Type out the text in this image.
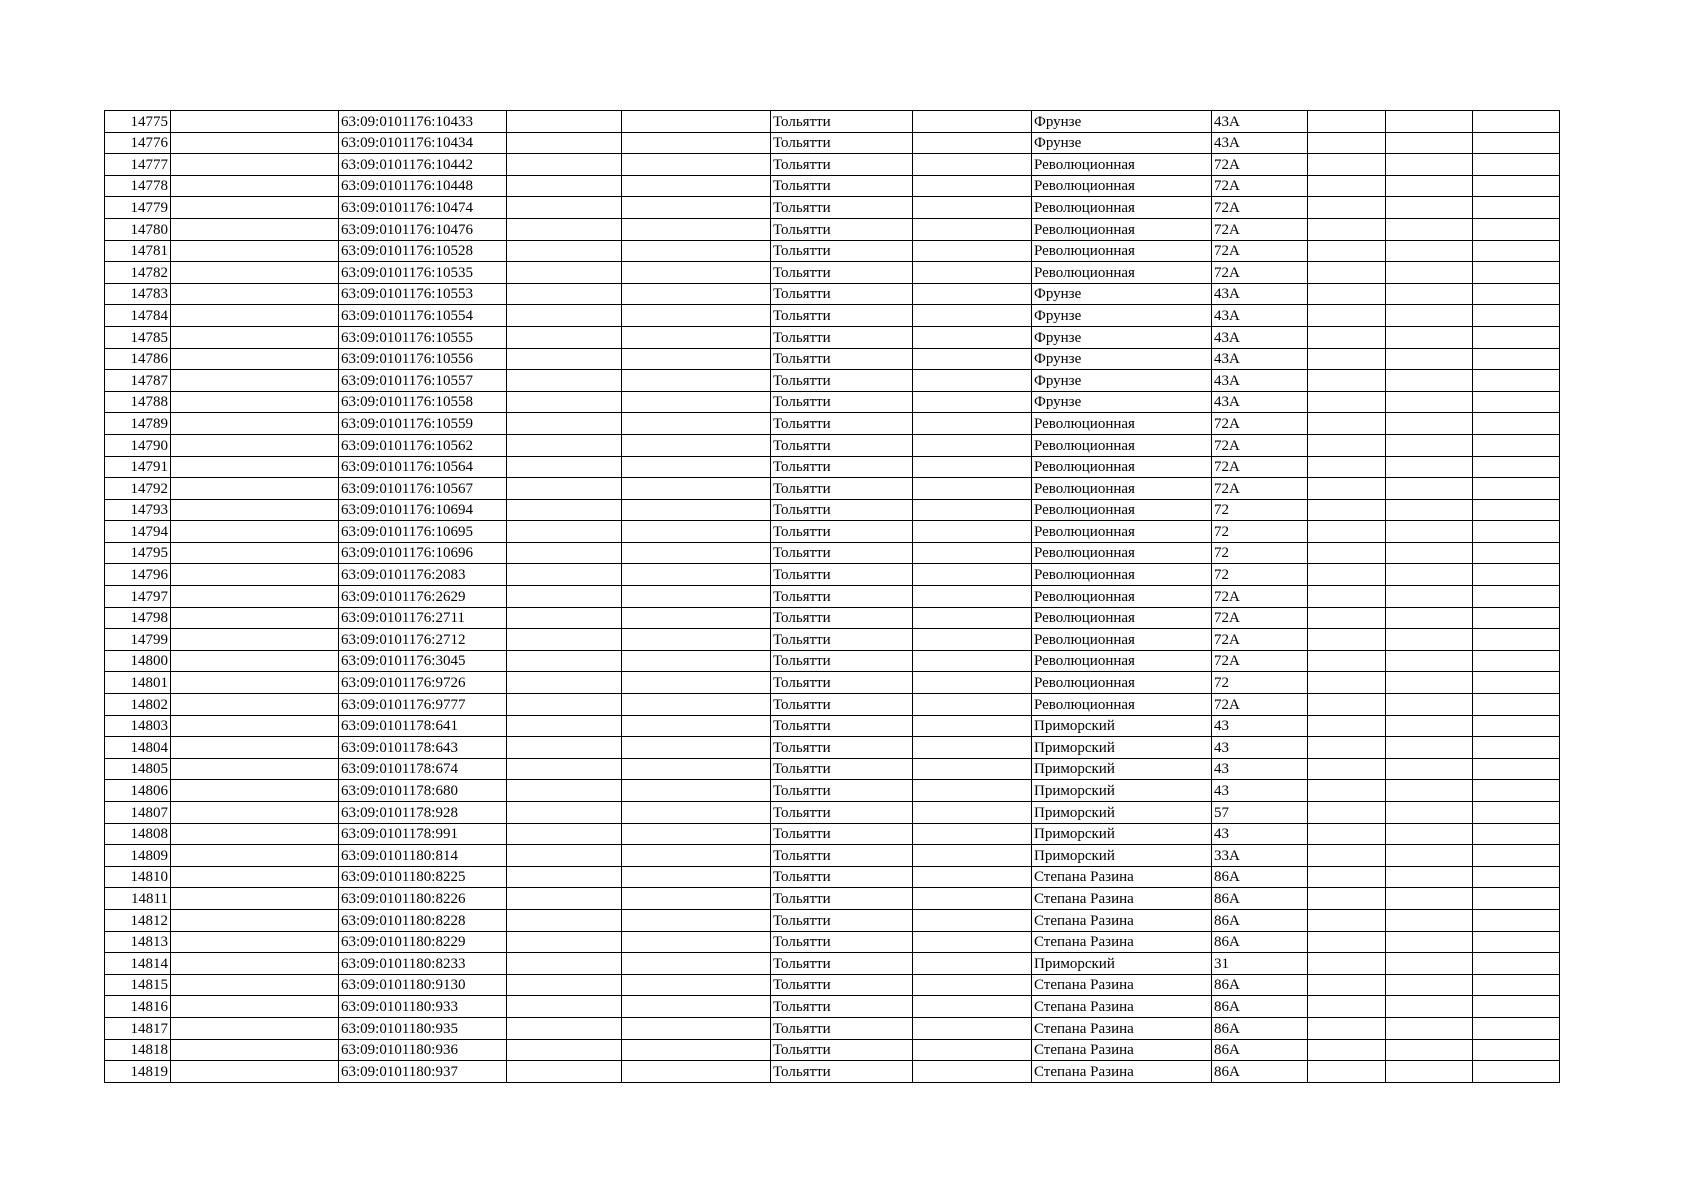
14775		63:09:0101176:10433			Тольятти		Фрунзе	43А			
14776		63:09:0101176:10434			Тольятти		Фрунзе	43А			
14777		63:09:0101176:10442			Тольятти		Революционная	72А			
14778		63:09:0101176:10448			Тольятти		Революционная	72А			
14779		63:09:0101176:10474			Тольятти		Революционная	72А			
14780		63:09:0101176:10476			Тольятти		Революционная	72А			
14781		63:09:0101176:10528			Тольятти		Революционная	72А			
14782		63:09:0101176:10535			Тольятти		Революционная	72А			
14783		63:09:0101176:10553			Тольятти		Фрунзе	43А			
14784		63:09:0101176:10554			Тольятти		Фрунзе	43А			
14785		63:09:0101176:10555			Тольятти		Фрунзе	43А			
14786		63:09:0101176:10556			Тольятти		Фрунзе	43А			
14787		63:09:0101176:10557			Тольятти		Фрунзе	43А			
14788		63:09:0101176:10558			Тольятти		Фрунзе	43А			
14789		63:09:0101176:10559			Тольятти		Революционная	72А			
14790		63:09:0101176:10562			Тольятти		Революционная	72А			
14791		63:09:0101176:10564			Тольятти		Революционная	72А			
14792		63:09:0101176:10567			Тольятти		Революционная	72А			
14793		63:09:0101176:10694			Тольятти		Революционная	72			
14794		63:09:0101176:10695			Тольятти		Революционная	72			
14795		63:09:0101176:10696			Тольятти		Революционная	72			
14796		63:09:0101176:2083			Тольятти		Революционная	72			
14797		63:09:0101176:2629			Тольятти		Революционная	72А			
14798		63:09:0101176:2711			Тольятти		Революционная	72А			
14799		63:09:0101176:2712			Тольятти		Революционная	72А			
14800		63:09:0101176:3045			Тольятти		Революционная	72А			
14801		63:09:0101176:9726			Тольятти		Революционная	72			
14802		63:09:0101176:9777			Тольятти		Революционная	72А			
14803		63:09:0101178:641			Тольятти		Приморский	43			
14804		63:09:0101178:643			Тольятти		Приморский	43			
14805		63:09:0101178:674			Тольятти		Приморский	43			
14806		63:09:0101178:680			Тольятти		Приморский	43			
14807		63:09:0101178:928			Тольятти		Приморский	57			
14808		63:09:0101178:991			Тольятти		Приморский	43			
14809		63:09:0101180:814			Тольятти		Приморский	33А			
14810		63:09:0101180:8225			Тольятти		Степана Разина	86А			
14811		63:09:0101180:8226			Тольятти		Степана Разина	86А			
14812		63:09:0101180:8228			Тольятти		Степана Разина	86А			
14813		63:09:0101180:8229			Тольятти		Степана Разина	86А			
14814		63:09:0101180:8233			Тольятти		Приморский	31			
14815		63:09:0101180:9130			Тольятти		Степана Разина	86А			
14816		63:09:0101180:933			Тольятти		Степана Разина	86А			
14817		63:09:0101180:935			Тольятти		Степана Разина	86А			
14818		63:09:0101180:936			Тольятти		Степана Разина	86А			
14819		63:09:0101180:937			Тольятти		Степана Разина	86А			
